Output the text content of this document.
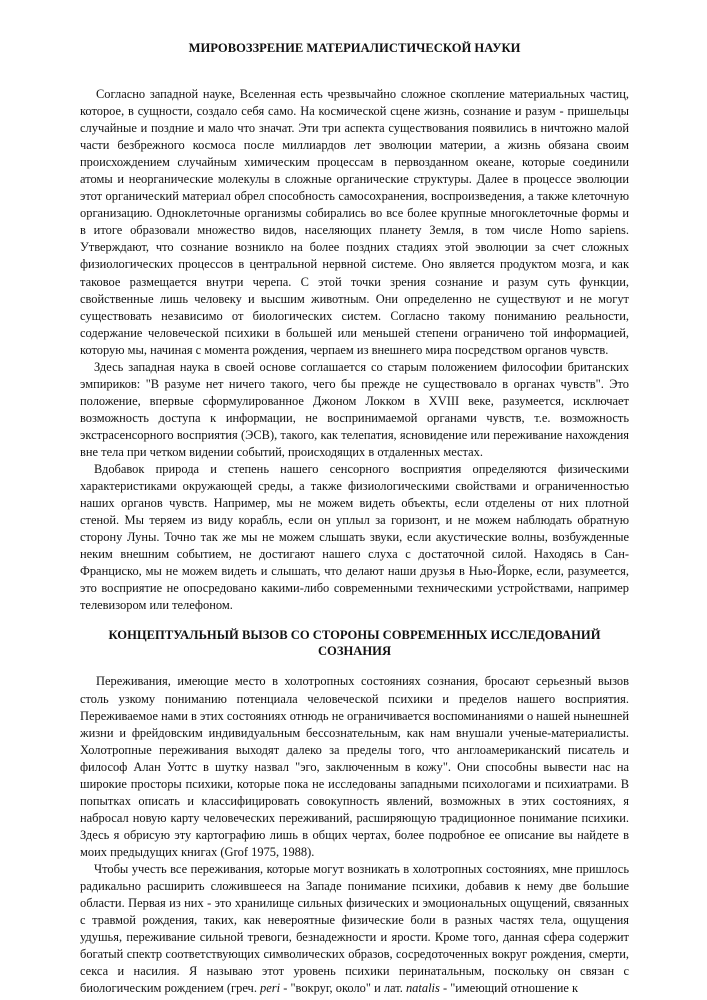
МИРОВОЗЗРЕНИЕ МАТЕРИАЛИСТИЧЕСКОЙ НАУКИ

Согласно западной науке, Вселенная есть чрезвычайно сложное скопление материальных частиц, которое, в сущности, создало себя само. На космической сцене жизнь, сознание и разум - пришельцы случайные и поздние и мало что значат. Эти три аспекта существования появились в ничтожно малой части безбрежного космоса после миллиардов лет эволюции материи, а жизнь обязана своим происхождением случайным химическим процессам в первозданном океане, которые соединили атомы и неорганические молекулы в сложные органические структуры. Далее в процессе эволюции этот органический материал обрел способность самосохранения, воспроизведения, а также клеточную организацию. Одноклеточные организмы собирались во все более крупные многоклеточные формы и в итоге образовали множество видов, населяющих планету Земля, в том числе Homo sapiens. Утверждают, что сознание возникло на более поздних стадиях этой эволюции за счет сложных физиологических процессов в центральной нервной системе. Оно является продуктом мозга, и как таковое размещается внутри черепа. С этой точки зрения сознание и разум суть функции, свойственные лишь человеку и высшим животным. Они определенно не существуют и не могут существовать независимо от биологических систем. Согласно такому пониманию реальности, содержание человеческой психики в большей или меньшей степени ограничено той информацией, которую мы, начиная с момента рождения, черпаем из внешнего мира посредством органов чувств.

Здесь западная наука в своей основе соглашается со старым положением философии британских эмпириков: "В разуме нет ничего такого, чего бы прежде не существовало в органах чувств". Это положение, впервые сформулированное Джоном Локком в XVIII веке, разумеется, исключает возможность доступа к информации, не воспринимаемой органами чувств, т.е. возможность экстрасенсорного восприятия (ЭСВ), такого, как телепатия, ясновидение или переживание нахождения вне тела при четком видении событий, происходящих в отдаленных местах.

Вдобавок природа и степень нашего сенсорного восприятия определяются физическими характеристиками окружающей среды, а также физиологическими свойствами и ограниченностью наших органов чувств. Например, мы не можем видеть объекты, если отделены от них плотной стеной. Мы теряем из виду корабль, если он уплыл за горизонт, и не можем наблюдать обратную сторону Луны. Точно так же мы не можем слышать звуки, если акустические волны, возбужденные неким внешним событием, не достигают нашего слуха с достаточной силой. Находясь в Сан-Франциско, мы не можем видеть и слышать, что делают наши друзья в Нью-Йорке, если, разумеется, это восприятие не опосредовано какими-либо современными техническими устройствами, например телевизором или телефоном.

КОНЦЕПТУАЛЬНЫЙ ВЫЗОВ СО СТОРОНЫ СОВРЕМЕННЫХ ИССЛЕДОВАНИЙ СОЗНАНИЯ

Переживания, имеющие место в холотропных состояниях сознания, бросают серьезный вызов столь узкому пониманию потенциала человеческой психики и пределов нашего восприятия. Переживаемое нами в этих состояниях отнюдь не ограничивается воспоминаниями о нашей нынешней жизни и фрейдовским индивидуальным бессознательным, как нам внушали ученые-материалисты. Холотропные переживания выходят далеко за пределы того, что англоамериканский писатель и философ Алан Уоттс в шутку назвал "эго, заключенным в кожу". Они способны вывести нас на широкие просторы психики, которые пока не исследованы западными психологами и психиатрами. В попытках описать и классифицировать совокупность явлений, возможных в этих состояниях, я набросал новую карту человеческих переживаний, расширяющую традиционное понимание психики. Здесь я обрисую эту картографию лишь в общих чертах, более подробное ее описание вы найдете в моих предыдущих книгах (Grof 1975, 1988).

Чтобы учесть все переживания, которые могут возникать в холотропных состояниях, мне пришлось радикально расширить сложившееся на Западе понимание психики, добавив к нему две большие области. Первая из них - это хранилище сильных физических и эмоциональных ощущений, связанных с травмой рождения, таких, как невероятные физические боли в разных частях тела, ощущения удушья, переживание сильной тревоги, безнадежности и ярости. Кроме того, данная сфера содержит богатый спектр соответствующих символических образов, сосредоточенных вокруг рождения, смерти, секса и насилия. Я называю этот уровень психики перинатальным, поскольку он связан с биологическим рождением (греч. peri - "вокруг, около" и лат. natalis - "имеющий отношение к
